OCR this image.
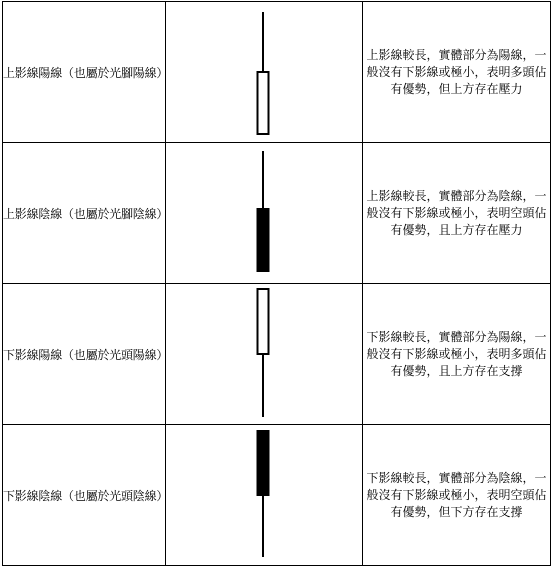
上影線陽線（也屬於光腳陽線）		上影線較長，實體部分為陽線，一般沒有下影線或極小，表明多頭佔有優勢，但上方存在壓力
上影線陰線（也屬於光腳陰線）		上影線較長，實體部分為陰線，一般沒有下影線或極小，表明空頭佔有優勢，且上方存在壓力
下影線陽線（也屬於光頭陽線）		下影線較長，實體部分為陽線，一般沒有下影線或極小，表明多頭佔有優勢，且上方存在支撐
下影線陰線（也屬於光頭陰線）		下影線較長，實體部分為陰線，一般沒有下影線或極小，表明空頭佔有優勢，但下方存在支撐
